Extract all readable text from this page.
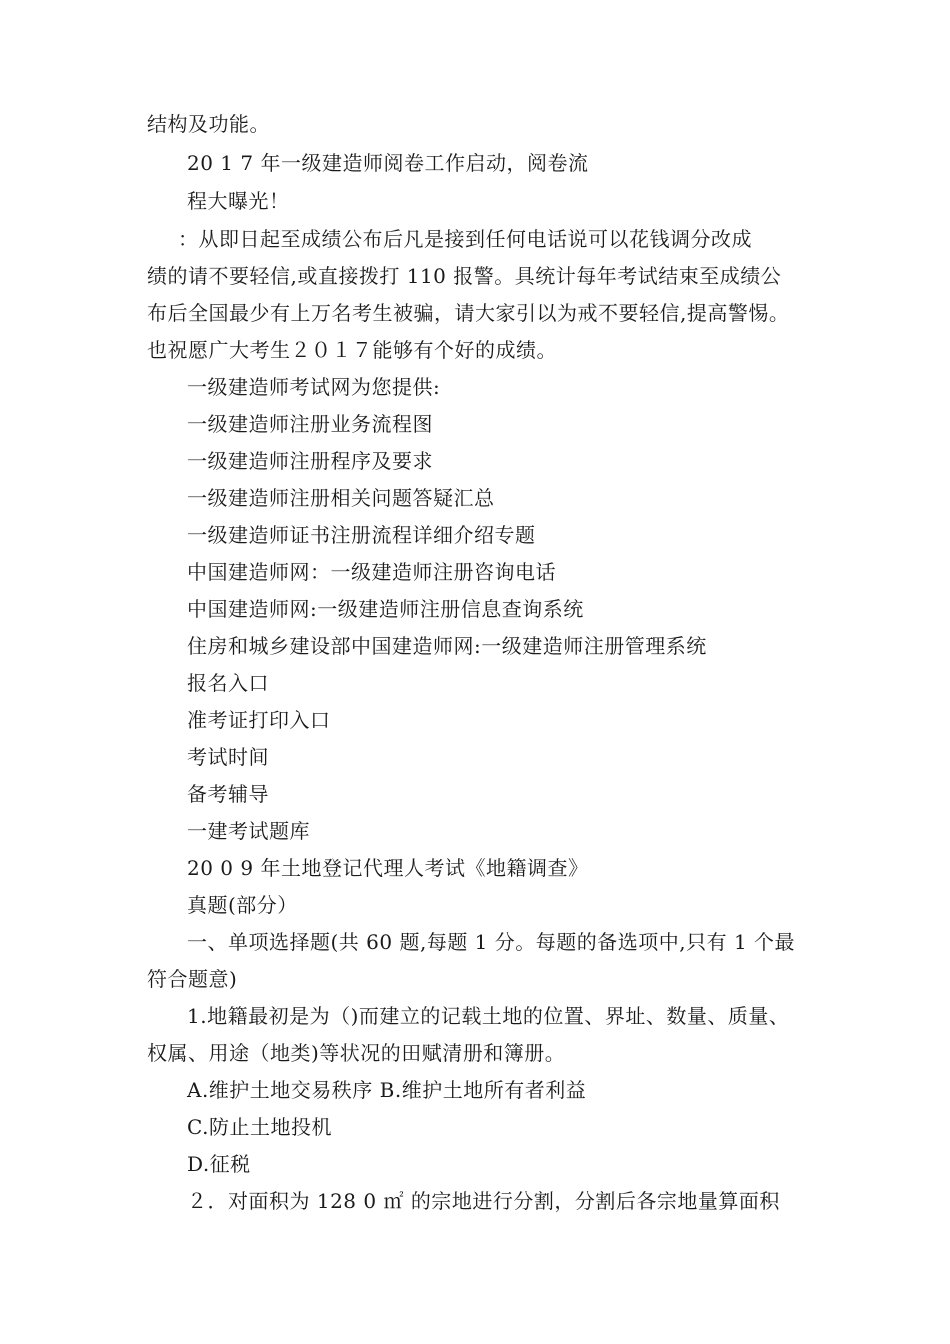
结构及功能。
20 1 7 年一级建造师阅卷工作启动，阅卷流
程大曝光！
：从即日起至成绩公布后凡是接到任何电话说可以花钱调分改成
绩的请不要轻信,或直接拨打 110 报警。具统计每年考试结束至成绩公
布后全国最少有上万名考生被骗，请大家引以为戒不要轻信,提高警惕。
也祝愿广大考生２０１７能够有个好的成绩。
一级建造师考试网为您提供:
一级建造师注册业务流程图
一级建造师注册程序及要求
一级建造师注册相关问题答疑汇总
一级建造师证书注册流程详细介绍专题
中国建造师网：一级建造师注册咨询电话
中国建造师网:一级建造师注册信息查询系统
住房和城乡建设部中国建造师网:一级建造师注册管理系统
报名入口
准考证打印入口
考试时间
备考辅导
一建考试题库
20 0 9 年土地登记代理人考试《地籍调查》
真题(部分）
一、单项选择题(共 60 题,每题 1 分。每题的备选项中,只有 1 个最
符合题意)
1.地籍最初是为（)而建立的记载土地的位置、界址、数量、质量、
权属、用途（地类)等状况的田赋清册和簿册。
A.维护土地交易秩序 B.维护土地所有者利益
C.防止土地投机
D.征税
２．对面积为 128 0 ㎡ 的宗地进行分割，分割后各宗地量算面积
